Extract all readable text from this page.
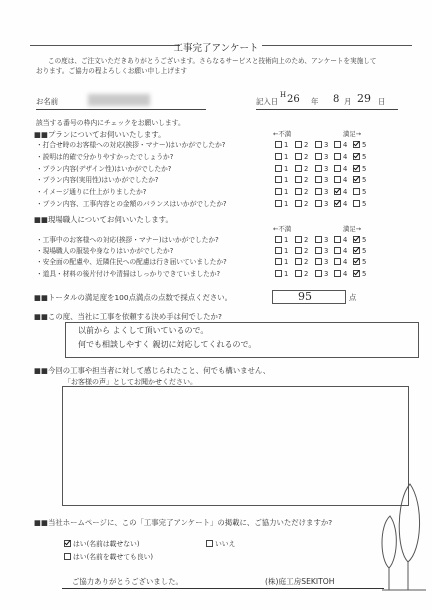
工事完了アンケート
この度は、ご注文いただきありがとうございます。さらなるサービスと技術向上のため、アンケートを実施して
おります。ご協力の程よろしくお願い申し上げます
お名前	記入日
H 26 年 8 月 29 日
該当する番号の枠内にチェックをお願いします。
■■プランについてお伺いいたします。	←不満	満足→
・打合せ時のお客様への対応(挨拶・マナー)はいかがでしたか?	1	2	3	4	5
・説明は的確で分かりやすかったでしょうか?	1	2	3	4	5
・プラン内容(デザイン性)はいかがでしたか?	1	2	3	4	5
・プラン内容(実用性)はいかがでしたか?	1	2	3	4	5
・イメージ通りに仕上がりましたか?	1	2	3	4	5
・プラン内容、工事内容との金額のバランスはいかがでしたか?	1	2	3	4	5
■■現場職人についてお伺いいたします。
←不満	満足→
・工事中のお客様への対応(挨拶・マナー)はいかがでしたか?	1	2	3	4	5
・現場職人の服装や身なりはいかがでしたか?	1	2	3	4	5
・安全面の配慮や、近隣住民への配慮は行き届いていましたか?	1	2	3	4	5
・道具・材料の後片付けや清掃はしっかりできていましたか?	1	2	3	4	5
■■トータルの満足度を100点満点の点数で採点ください。	95	点
■■この度、当社に工事を依頼する決め手は何でしたか?
以前から よくして頂いているので。
何でも相談しやすく 親切に対応してくれるので。
■■今回の工事や担当者に対して感じられたこと、何でも構いません、
「お客様の声」としてお聞かせください。
■■当社ホームページに、この「工事完了アンケート」の掲載に、ご協力いただけますか?
はい(名前は載せない)	いいえ
はい(名前を載せても良い)
ご協力ありがとうございました。	(株)庭工房SEKITOH
